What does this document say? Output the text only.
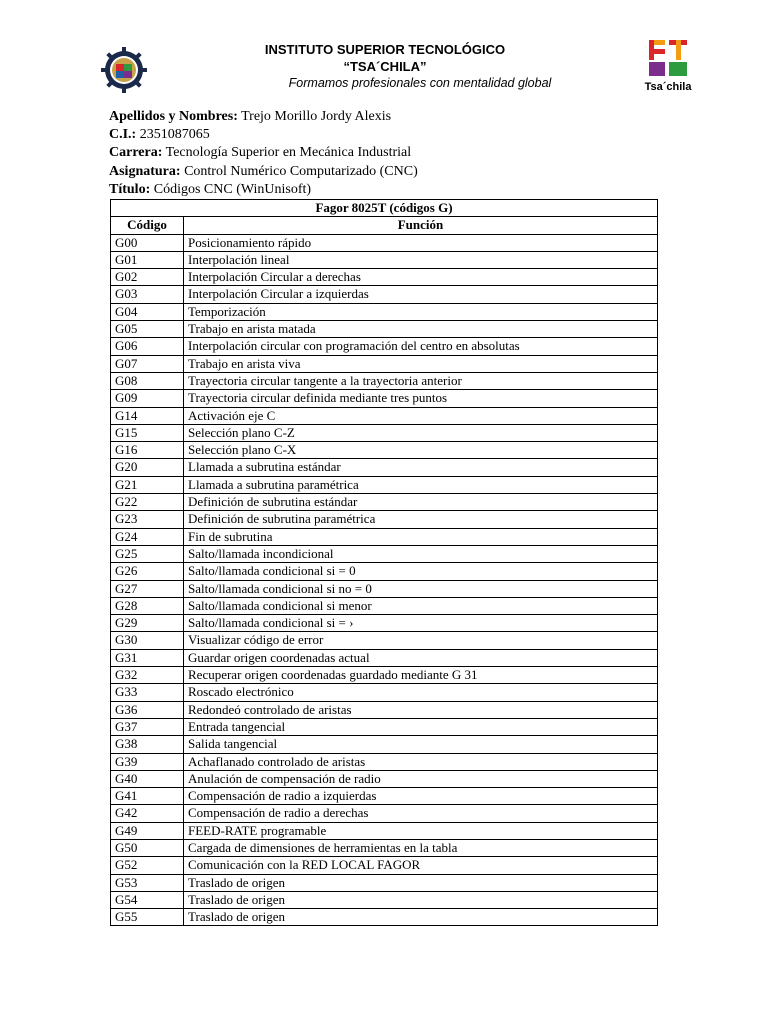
INSTITUTO SUPERIOR TECNOLÓGICO
“TSA´CHILA”
Formamos profesionales con mentalidad global	Tsa´chila
Apellidos y Nombres: Trejo Morillo Jordy Alexis
C.I.: 2351087065
Carrera: Tecnología Superior en Mecánica Industrial
Asignatura: Control Numérico Computarizado (CNC)
Título: Códigos CNC (WinUnisoft)
Fagor 8025T (códigos G)	
Código	Función
G00	Posicionamiento rápido
G01	Interpolación lineal
G02	Interpolación Circular a derechas
G03	Interpolación Circular a izquierdas
G04	Temporización
G05	Trabajo en arista matada
G06	Interpolación circular con programación del centro en absolutas
G07	Trabajo en arista viva
G08	Trayectoria circular tangente a la trayectoria anterior
G09	Trayectoria circular definida mediante tres puntos
G14	Activación eje C
G15	Selección plano C-Z
G16	Selección plano C-X
G20	Llamada a subrutina estándar
G21	Llamada a subrutina paramétrica
G22	Definición de subrutina estándar
G23	Definición de subrutina paramétrica
G24	Fin de subrutina
G25	Salto/llamada incondicional
G26	Salto/llamada condicional si = 0
G27	Salto/llamada condicional si no = 0
G28	Salto/llamada condicional si menor
G29	Salto/llamada condicional si = ›
G30	Visualizar código de error
G31	Guardar origen coordenadas actual
G32	Recuperar origen coordenadas guardado mediante G 31
G33	Roscado electrónico
G36	Redondeó controlado de aristas
G37	Entrada tangencial
G38	Salida tangencial
G39	Achaflanado controlado de aristas
G40	Anulación de compensación de radio
G41	Compensación de radio a izquierdas
G42	Compensación de radio a derechas
G49	FEED-RATE programable
G50	Cargada de dimensiones de herramientas en la tabla
G52	Comunicación con la RED LOCAL FAGOR
G53	Traslado de origen
G54	Traslado de origen
G55	Traslado de origen
